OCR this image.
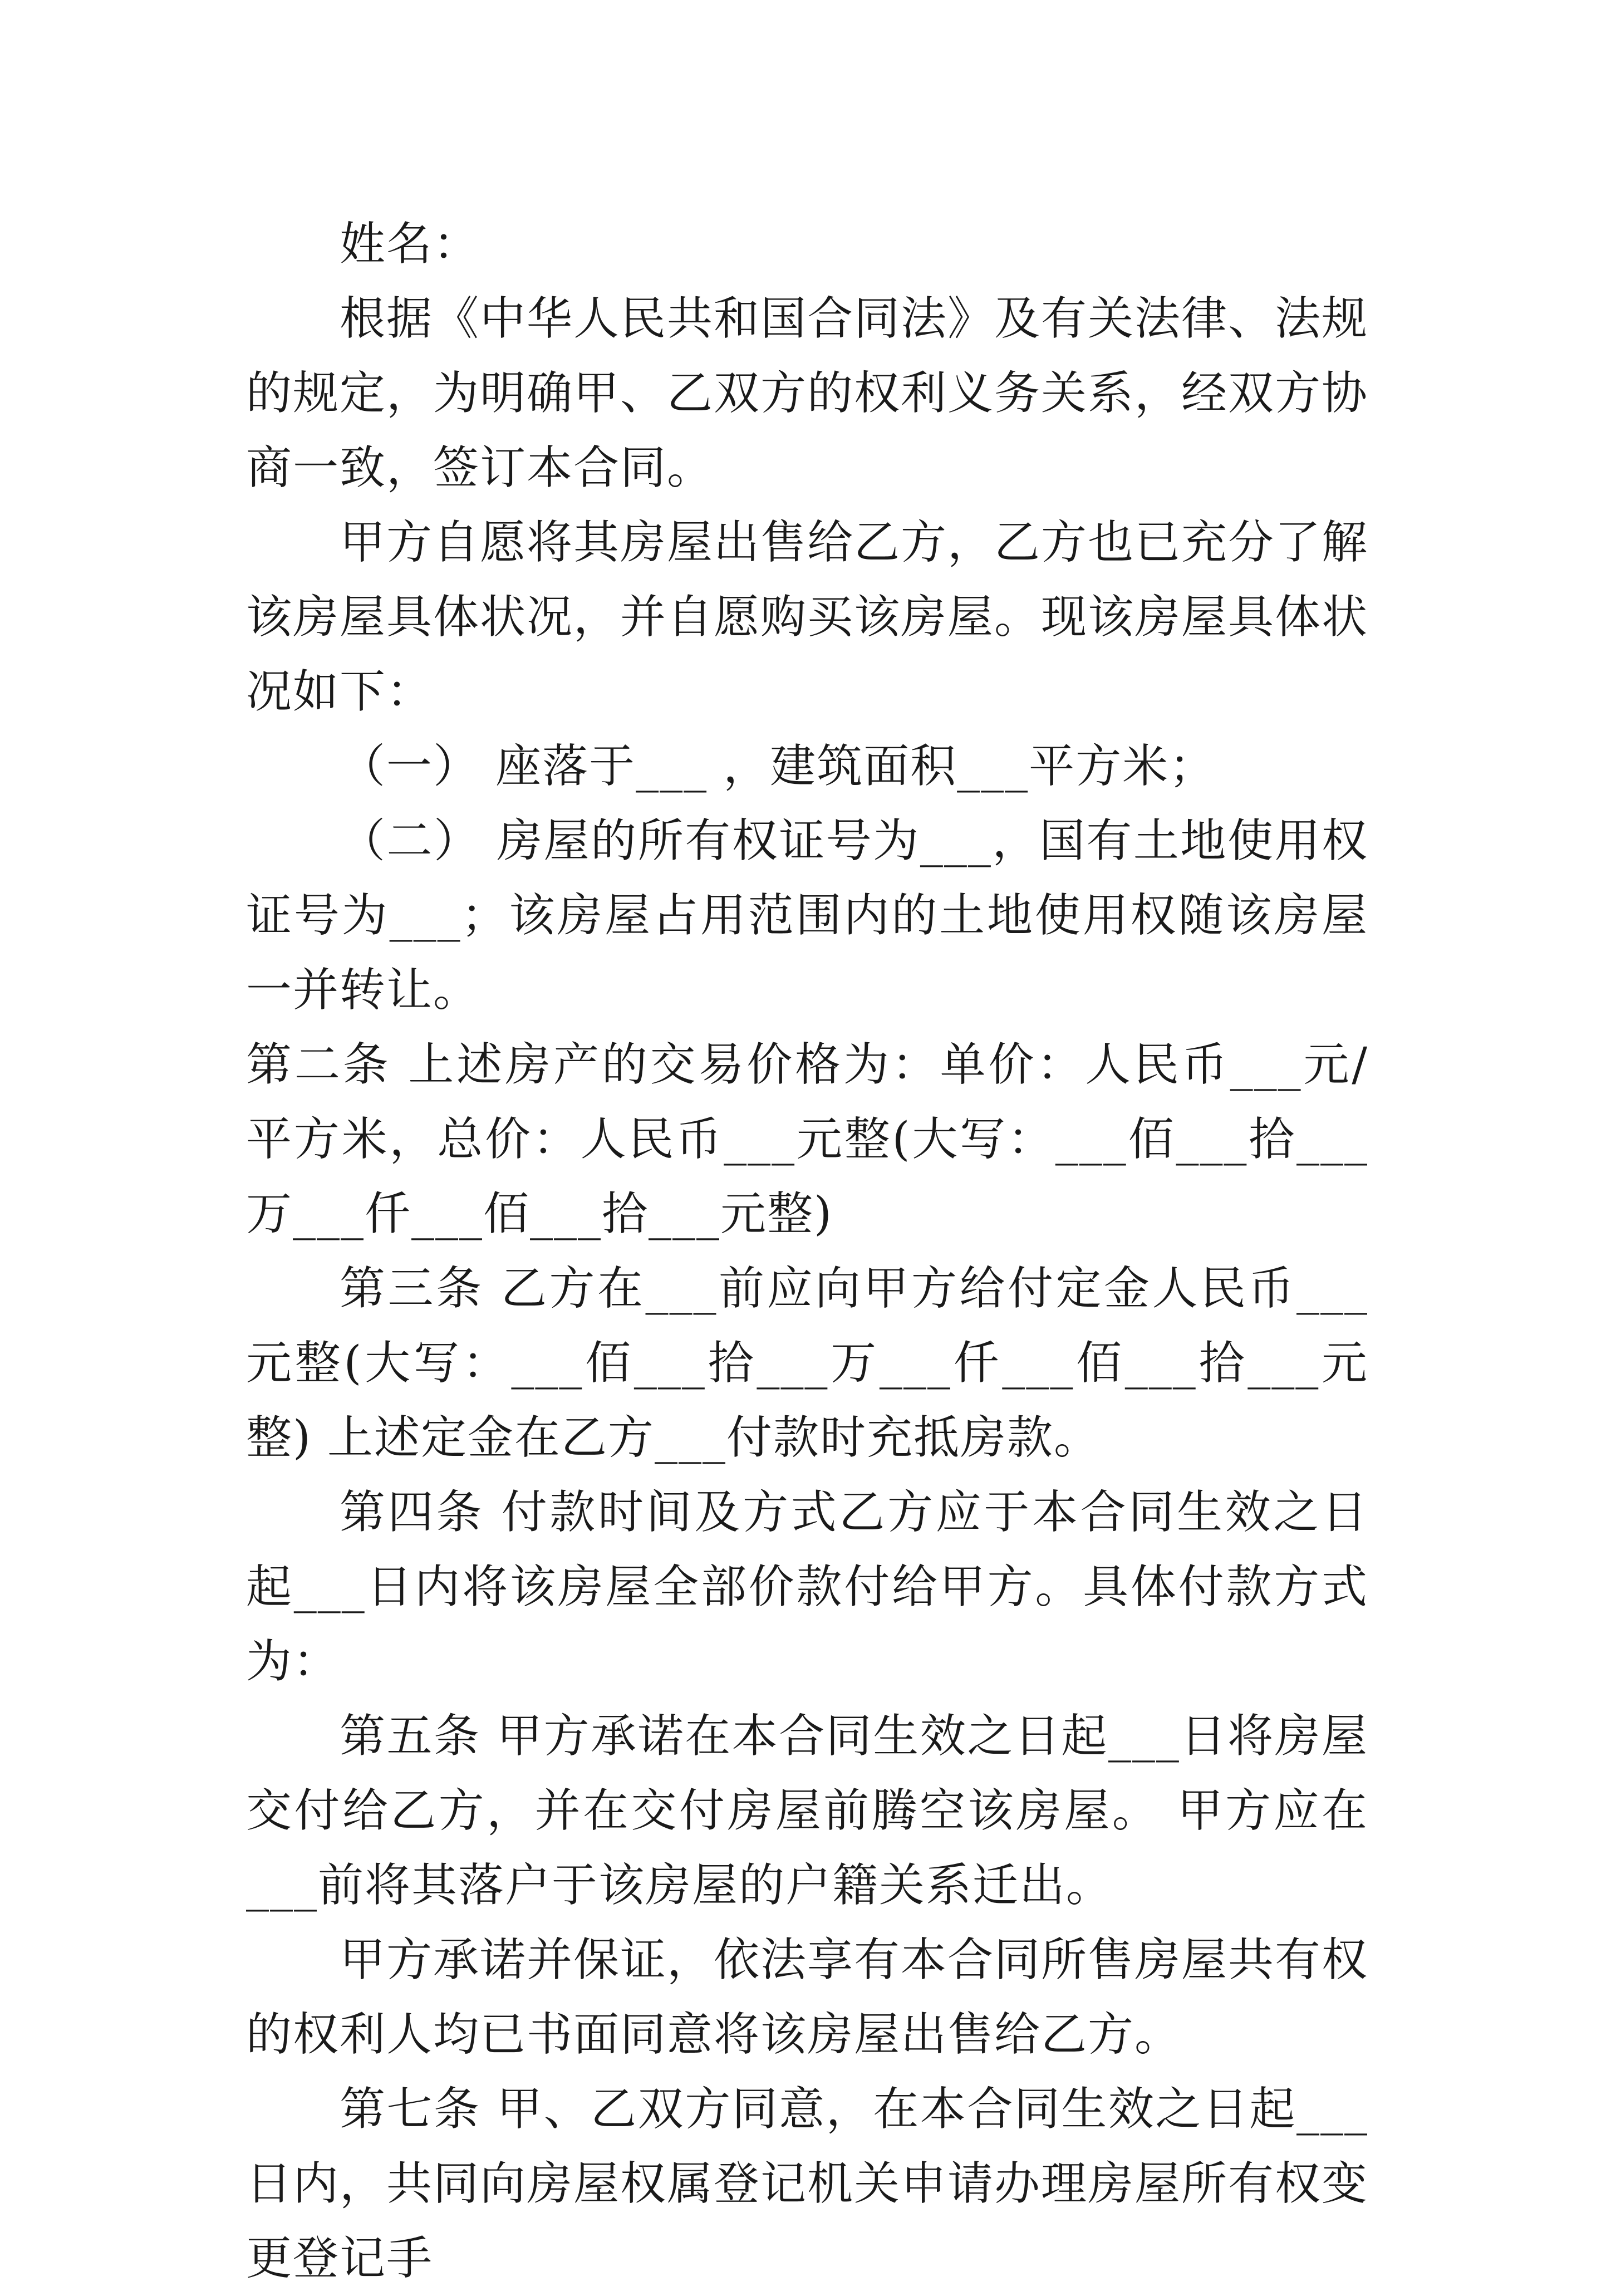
姓名：

根据《中华人民共和国合同法》及有关法律、法规的规定，为明确甲、乙双方的权利义务关系，经双方协商一致，签订本合同。

甲方自愿将其房屋出售给乙方，乙方也已充分了解该房屋具体状况，并自愿购买该房屋。现该房屋具体状况如下：

（一） 座落于___ ，建筑面积___平方米；

（二） 房屋的所有权证号为___，国有土地使用权证号为___；该房屋占用范围内的土地使用权随该房屋一并转让。

第二条 上述房产的交易价格为：单价：人民币___元/平方米，总价：人民币___元整(大写：___佰___拾___万___仟___佰___拾___元整)

第三条 乙方在___前应向甲方给付定金人民币___元整(大写：___佰___拾___万___仟___佰___拾___元整) 上述定金在乙方___付款时充抵房款。

第四条 付款时间及方式乙方应于本合同生效之日起___日内将该房屋全部价款付给甲方。具体付款方式为：

第五条 甲方承诺在本合同生效之日起___日将房屋交付给乙方，并在交付房屋前腾空该房屋。 甲方应在___前将其落户于该房屋的户籍关系迁出。

甲方承诺并保证，依法享有本合同所售房屋共有权的权利人均已书面同意将该房屋出售给乙方。

第七条 甲、乙双方同意，在本合同生效之日起___日内，共同向房屋权属登记机关申请办理房屋所有权变更登记手
